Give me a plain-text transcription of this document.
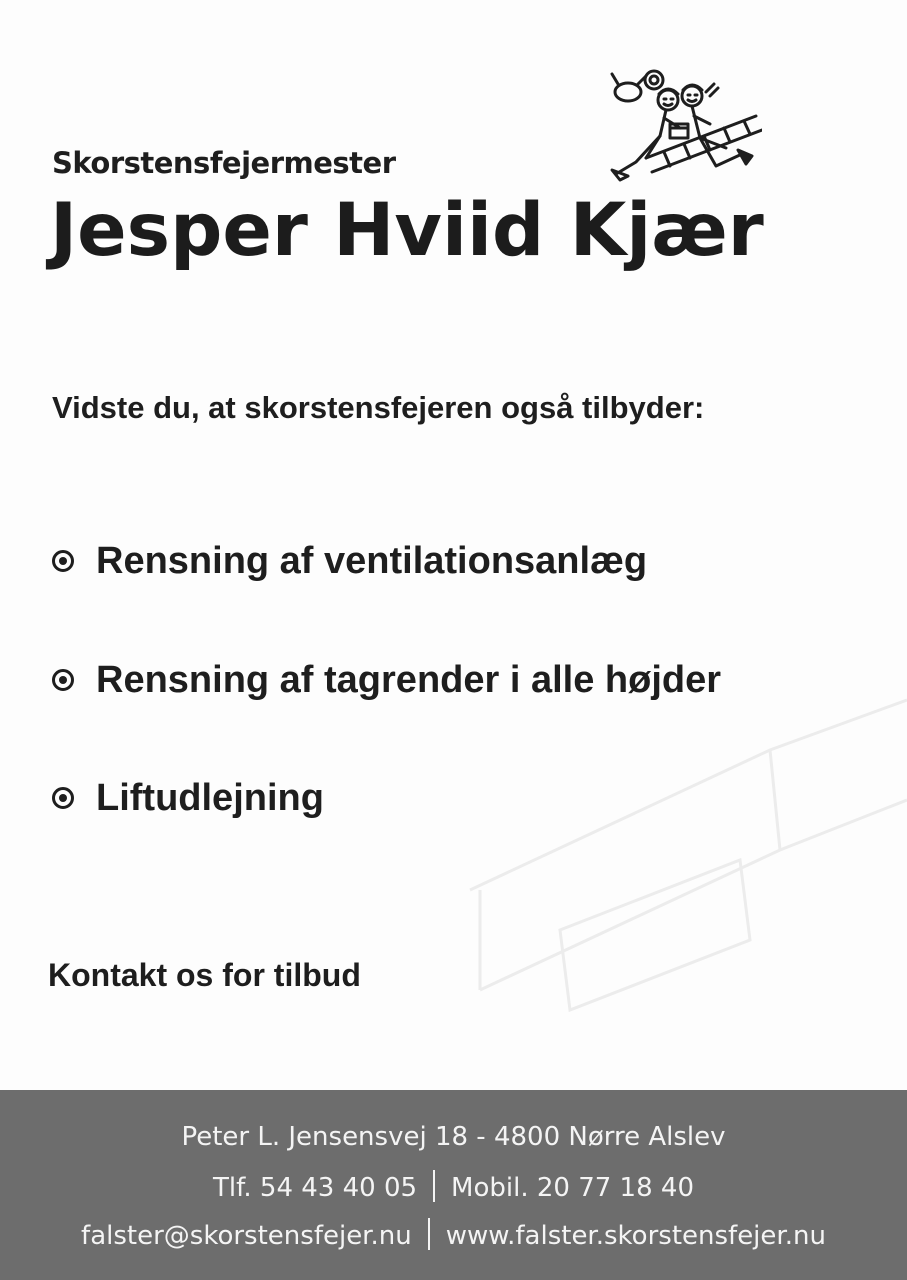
Skorstensfejermester
Jesper Hviid Kjær
Vidste du, at skorstensfejeren også tilbyder:
Rensning af ventilationsanlæg
Rensning af tagrender i alle højder
Liftudlejning
Kontakt os for tilbud
Peter L. Jensensvej 18 - 4800 Nørre Alslev
Tlf. 54 43 40 05 Mobil. 20 77 18 40
falster@skorstensfejer.nu www.falster.skorstensfejer.nu
